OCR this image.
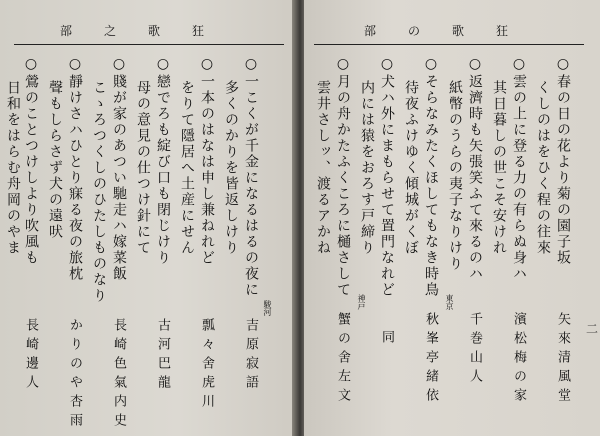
部	之	歌	狂
○一こくが千金になるはるの夜に
多くのかりを皆返しけり
○一本のはなは申し兼ねれど
をりて隱居へ土産にせん
○戀でろも綻び口も閉じけり
母の意見の仕つけ針にて
○賤が家のあつい馳走ハ嫁菜飯
こゝろつくしのひたしものなり
○靜けさハひとり寐る夜の旅枕
聲もしらさず犬の遠吠
○鶯のことつけしより吹風も
日和をはらむ舟岡のやま
駿河
吉原寂語
瓢々舍虎川
古河巴龍
長崎色氣内史
かりのや杏雨
長崎邊人
部	の	歌	狂
二
○春の日の花より菊の園子坂
くしのはをひく程の往來
○雲の上に登る力の有らぬ身ハ
其日暮しの世こそ安けれ
○返濟時も矢張笑ふて來るのハ
紙幣のうらの夷子なりけり
○そらなみたくほしてもなき時鳥
待夜ふけゆく傾城がくぼ
○犬ハ外にまもらせて置門なれど
内には猿をおろす戸締り
○月の舟かたふくころに樋さして
雲井さしッ、渡るアかね
矢來清風堂
濱松梅の家
千巻山人
東京
秋峯亭緒依
同
神戸
蟹の舍左文
